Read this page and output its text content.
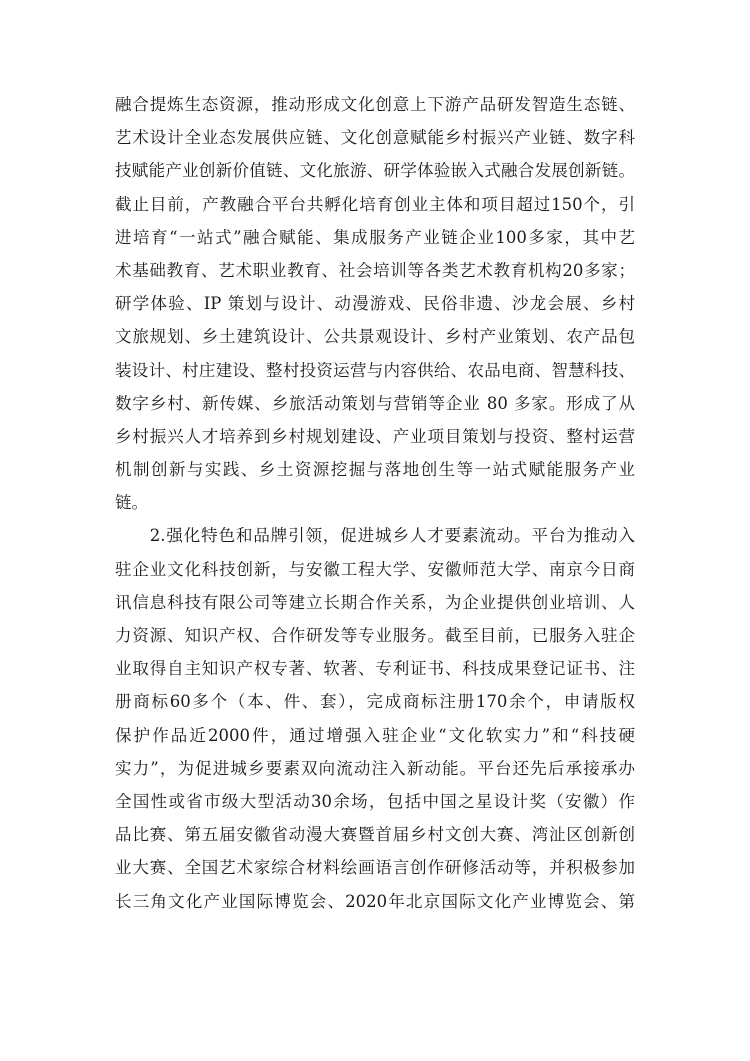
融合提炼生态资源，推动形成文化创意上下游产品研发智造生态链、
艺术设计全业态发展供应链、文化创意赋能乡村振兴产业链、数字科
技赋能产业创新价值链、文化旅游、研学体验嵌入式融合发展创新链。
截止目前，产教融合平台共孵化培育创业主体和项目超过150个，引
进培育“一站式”融合赋能、集成服务产业链企业100多家，其中艺
术基础教育、艺术职业教育、社会培训等各类艺术教育机构20多家；
研学体验、IP 策划与设计、动漫游戏、民俗非遗、沙龙会展、乡村
文旅规划、乡土建筑设计、公共景观设计、乡村产业策划、农产品包
装设计、村庄建设、整村投资运营与内容供给、农品电商、智慧科技、
数字乡村、新传媒、乡旅活动策划与营销等企业 80 多家。形成了从
乡村振兴人才培养到乡村规划建设、产业项目策划与投资、整村运营
机制创新与实践、乡土资源挖掘与落地创生等一站式赋能服务产业
链。
　　2.强化特色和品牌引领，促进城乡人才要素流动。平台为推动入
驻企业文化科技创新，与安徽工程大学、安徽师范大学、南京今日商
讯信息科技有限公司等建立长期合作关系，为企业提供创业培训、人
力资源、知识产权、合作研发等专业服务。截至目前，已服务入驻企
业取得自主知识产权专著、软著、专利证书、科技成果登记证书、注
册商标60多个（本、件、套），完成商标注册170余个，申请版权
保护作品近2000件，通过增强入驻企业“文化软实力”和“科技硬
实力”，为促进城乡要素双向流动注入新动能。平台还先后承接承办
全国性或省市级大型活动30余场，包括中国之星设计奖（安徽）作
品比赛、第五届安徽省动漫大赛暨首届乡村文创大赛、湾沚区创新创
业大赛、全国艺术家综合材料绘画语言创作研修活动等，并积极参加
长三角文化产业国际博览会、2020年北京国际文化产业博览会、第
